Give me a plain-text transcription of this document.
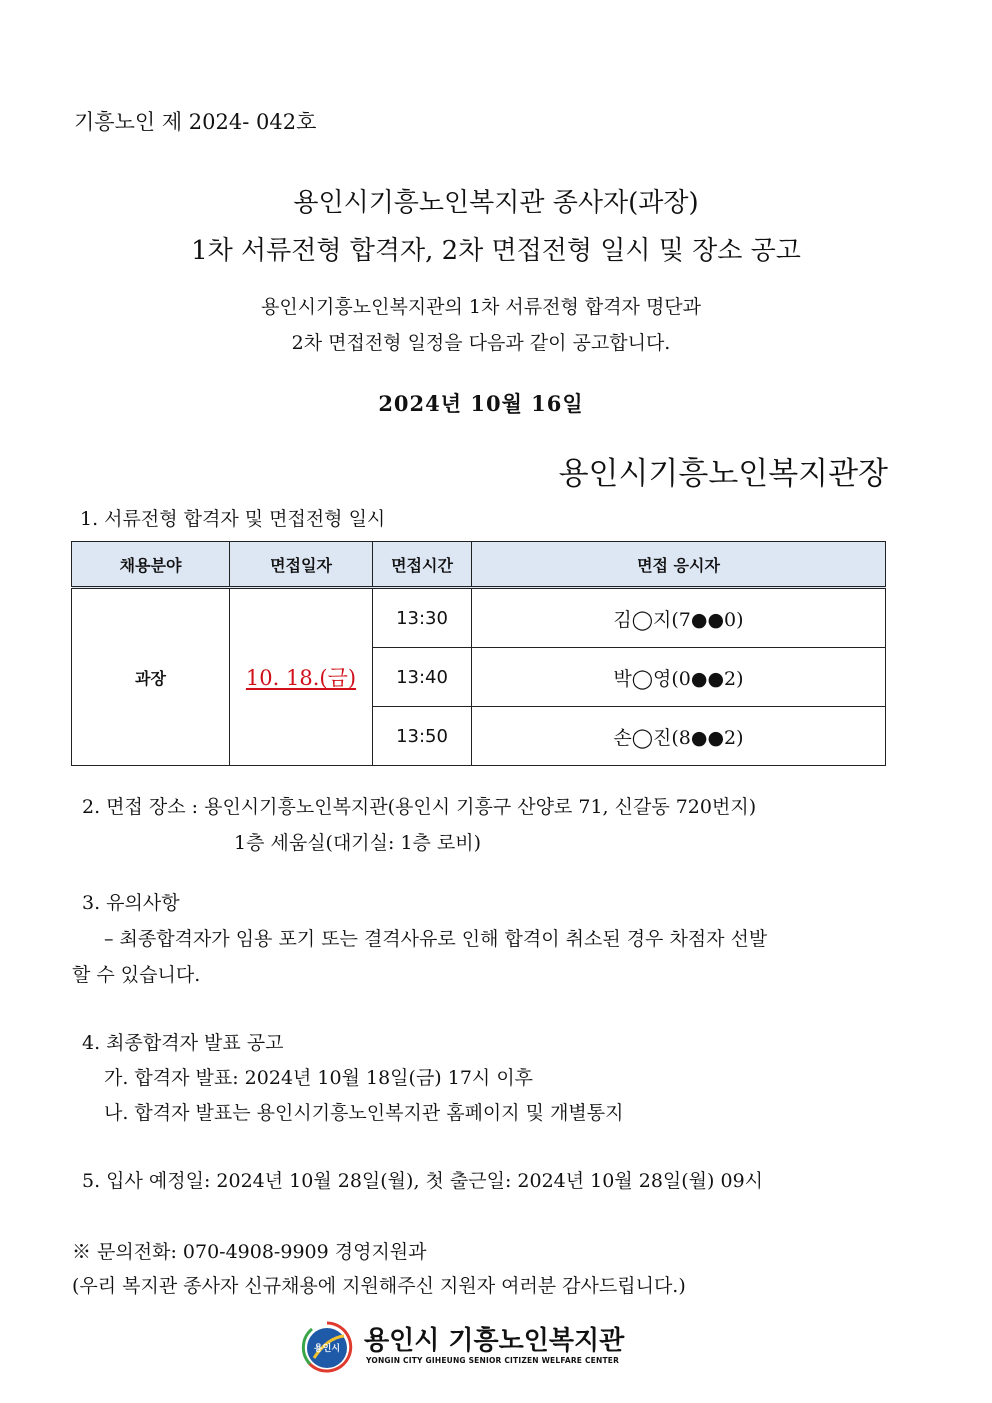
기흥노인 제 2024- 042호
용인시기흥노인복지관 종사자(과장)
1차 서류전형 합격자, 2차 면접전형 일시 및 장소 공고
용인시기흥노인복지관의 1차 서류전형 합격자 명단과
2차 면접전형 일정을 다음과 같이 공고합니다.
2024년 10월 16일
용인시기흥노인복지관장
1. 서류전형 합격자 및 면접전형 일시
채용분야	면접일자	면접시간	면접 응시자
과장	10. 18.(금)	13:30	김◯지(7●●0)
		13:40	박◯영(0●●2)
		13:50	손◯진(8●●2)
2. 면접 장소 : 용인시기흥노인복지관(용인시 기흥구 산양로 71, 신갈동 720번지)
1층 세움실(대기실: 1층 로비)
3. 유의사항
– 최종합격자가 임용 포기 또는 결격사유로 인해 합격이 취소된 경우 차점자 선발
할 수 있습니다.
4. 최종합격자 발표 공고
가. 합격자 발표: 2024년 10월 18일(금) 17시 이후
나. 합격자 발표는 용인시기흥노인복지관 홈페이지 및 개별통지
5. 입사 예정일: 2024년 10월 28일(월), 첫 출근일: 2024년 10월 28일(월) 09시
※ 문의전화: 070-4908-9909 경영지원과
(우리 복지관 종사자 신규채용에 지원해주신 지원자 여러분 감사드립니다.)
용인시 용인시 기흥노인복지관
YONGIN CITY GIHEUNG SENIOR CITIZEN WELFARE CENTER
